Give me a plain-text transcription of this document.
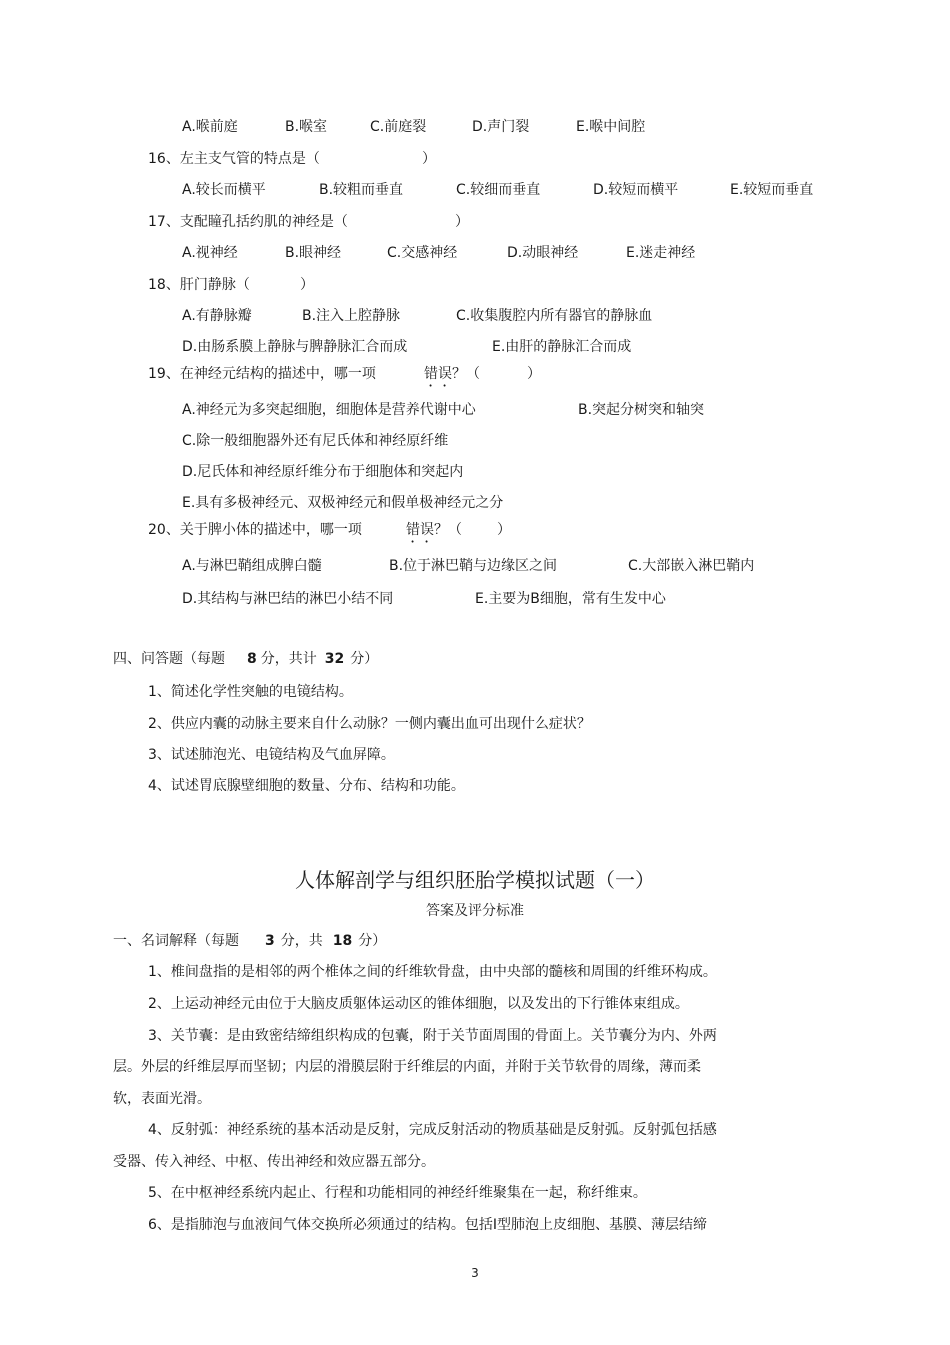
A.喉前庭	B.喉室	C.前庭裂	D.声门裂	E.喉中间腔
16、左主支气管的特点是（	）
A.较长而横平	B.较粗而垂直	C.较细而垂直	D.较短而横平	E.较短而垂直
17、支配瞳孔括约肌的神经是（	）
A.视神经	B.眼神经	C.交感神经	D.动眼神经	E.迷走神经
18、肝门静脉（	）
A.有静脉瓣	B.注入上腔静脉	C.收集腹腔内所有器官的静脉血
D.由肠系膜上静脉与脾静脉汇合而成	E.由肝的静脉汇合而成
19、在神经元结构的描述中，哪一项	错误？（	）
A.神经元为多突起细胞，细胞体是营养代谢中心	B.突起分树突和轴突
C.除一般细胞器外还有尼氏体和神经原纤维
D.尼氏体和神经原纤维分布于细胞体和突起内
E.具有多极神经元、双极神经元和假单极神经元之分
20、关于脾小体的描述中，哪一项	错误？（	）
A.与淋巴鞘组成脾白髓	B.位于淋巴鞘与边缘区之间	C.大部嵌入淋巴鞘内
D.其结构与淋巴结的淋巴小结不同	E.主要为B细胞，常有生发中心
四、问答题（每题 8 分，共计 32 分）
1、简述化学性突触的电镜结构。
2、供应内囊的动脉主要来自什么动脉？一侧内囊出血可出现什么症状？
3、试述肺泡光、电镜结构及气血屏障。
4、试述胃底腺壁细胞的数量、分布、结构和功能。
人体解剖学与组织胚胎学模拟试题（一）
答案及评分标准
一、名词解释（每题 3 分，共 18 分）
1、椎间盘指的是相邻的两个椎体之间的纤维软骨盘，由中央部的髓核和周围的纤维环构成。
2、上运动神经元由位于大脑皮质躯体运动区的锥体细胞，以及发出的下行锥体束组成。
3、关节囊：是由致密结缔组织构成的包囊，附于关节面周围的骨面上。关节囊分为内、外两
层。外层的纤维层厚而坚韧；内层的滑膜层附于纤维层的内面，并附于关节软骨的周缘，薄而柔
软，表面光滑。
4、反射弧：神经系统的基本活动是反射，完成反射活动的物质基础是反射弧。反射弧包括感
受器、传入神经、中枢、传出神经和效应器五部分。
5、在中枢神经系统内起止、行程和功能相同的神经纤维聚集在一起，称纤维束。
6、是指肺泡与血液间气体交换所必须通过的结构。包括Ⅰ型肺泡上皮细胞、基膜、薄层结缔
3
